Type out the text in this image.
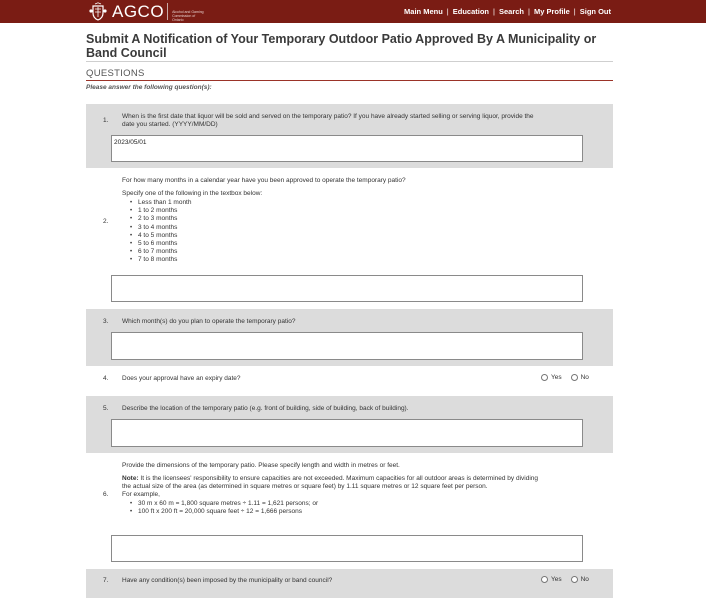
AGCO Alcohol and Gaming Commission of Ontario
Main Menu | Education | Search | My Profile | Sign Out
Submit A Notification of Your Temporary Outdoor Patio Approved By A Municipality or Band Council
QUESTIONS
Please answer the following question(s):
1.
When is the first date that liquor will be sold and served on the temporary patio? If you have already started selling or serving liquor, provide the date you started. (YYYY/MM/DD)
2023/05/01
2.
For how many months in a calendar year have you been approved to operate the temporary patio?

Specify one of the following in the textbox below:

• Less than 1 month
• 1 to 2 months
• 2 to 3 months
• 3 to 4 months
• 4 to 5 months
• 5 to 6 months
• 6 to 7 months
• 7 to 8 months
3. Which month(s) do you plan to operate the temporary patio?
4. Does your approval have an expiry date?	Yes	No
5. Describe the location of the temporary patio (e.g. front of building, side of building, back of building).
6.
Provide the dimensions of the temporary patio. Please specify length and width in metres or feet.

Note: It is the licensees' responsibility to ensure capacities are not exceeded. Maximum capacities for all outdoor areas is determined by dividing the actual size of the area (as determined in square metres or square feet) by 1.11 square metres or 12 square feet per person.

For example,
• 30 m x 60 m = 1,800 square metres ÷ 1.11 = 1,621 persons; or
• 100 ft x 200 ft = 20,000 square feet ÷ 12 = 1,666 persons
7. Have any condition(s) been imposed by the municipality or band council?	Yes	No
